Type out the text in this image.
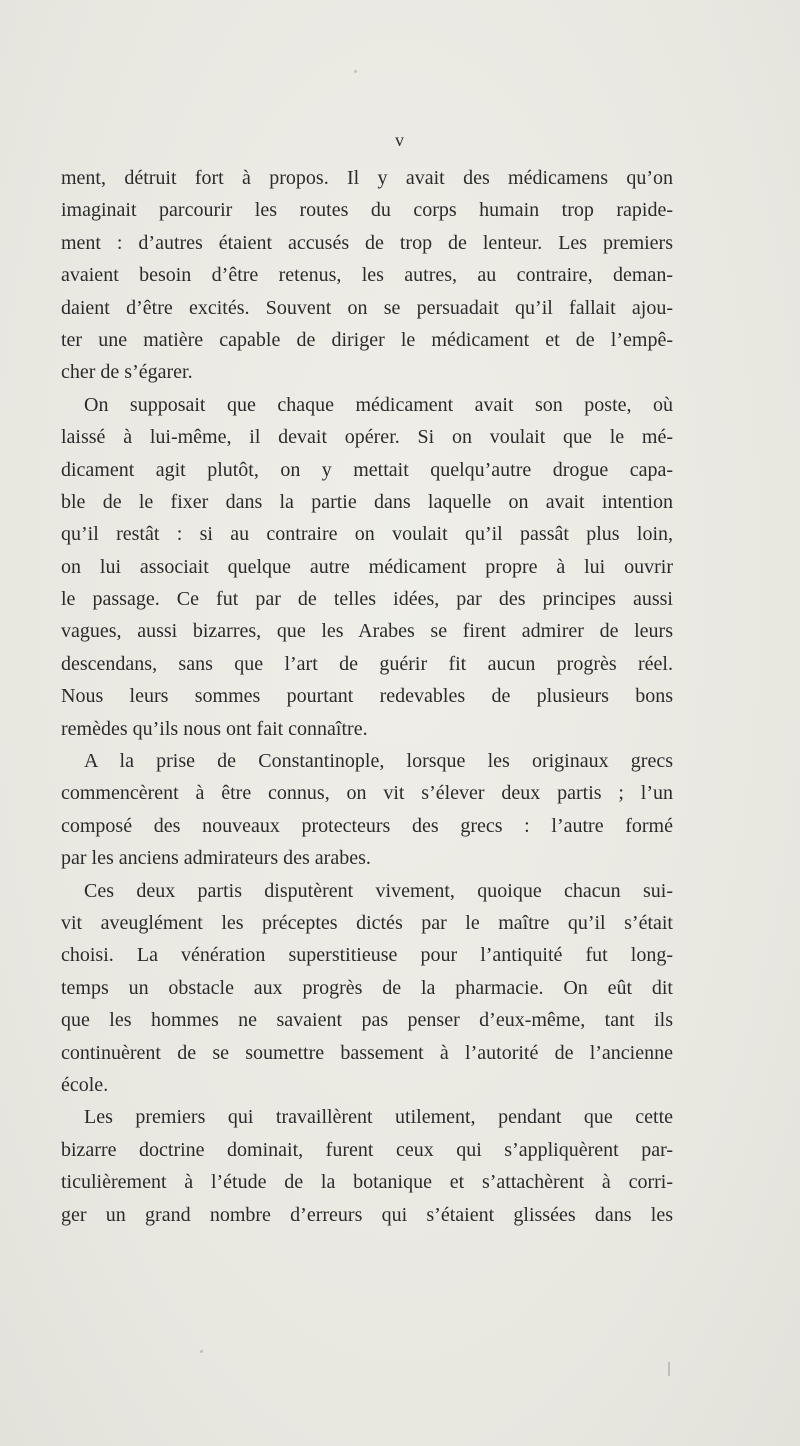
v
ment, détruit fort à propos. Il y avait des médicamens qu’on
imaginait parcourir les routes du corps humain trop rapide-
ment : d’autres étaient accusés de trop de lenteur. Les premiers
avaient besoin d’être retenus, les autres, au contraire, deman-
daient d’être excités. Souvent on se persuadait qu’il fallait ajou-
ter une matière capable de diriger le médicament et de l’empê-
cher de s’égarer.
On supposait que chaque médicament avait son poste, où
laissé à lui-même, il devait opérer. Si on voulait que le mé-
dicament agit plutôt, on y mettait quelqu’autre drogue capa-
ble de le fixer dans la partie dans laquelle on avait intention
qu’il restât : si au contraire on voulait qu’il passât plus loin,
on lui associait quelque autre médicament propre à lui ouvrir
le passage. Ce fut par de telles idées, par des principes aussi
vagues, aussi bizarres, que les Arabes se firent admirer de leurs
descendans, sans que l’art de guérir fit aucun progrès réel.
Nous leurs sommes pourtant redevables de plusieurs bons
remèdes qu’ils nous ont fait connaître.
A la prise de Constantinople, lorsque les originaux grecs
commencèrent à être connus, on vit s’élever deux partis ; l’un
composé des nouveaux protecteurs des grecs : l’autre formé
par les anciens admirateurs des arabes.
Ces deux partis disputèrent vivement, quoique chacun sui-
vit aveuglément les préceptes dictés par le maître qu’il s’était
choisi. La vénération superstitieuse pour l’antiquité fut long-
temps un obstacle aux progrès de la pharmacie. On eût dit
que les hommes ne savaient pas penser d’eux-même, tant ils
continuèrent de se soumettre bassement à l’autorité de l’ancienne
école.
Les premiers qui travaillèrent utilement, pendant que cette
bizarre doctrine dominait, furent ceux qui s’appliquèrent par-
ticulièrement à l’étude de la botanique et s’attachèrent à corri-
ger un grand nombre d’erreurs qui s’étaient glissées dans les
